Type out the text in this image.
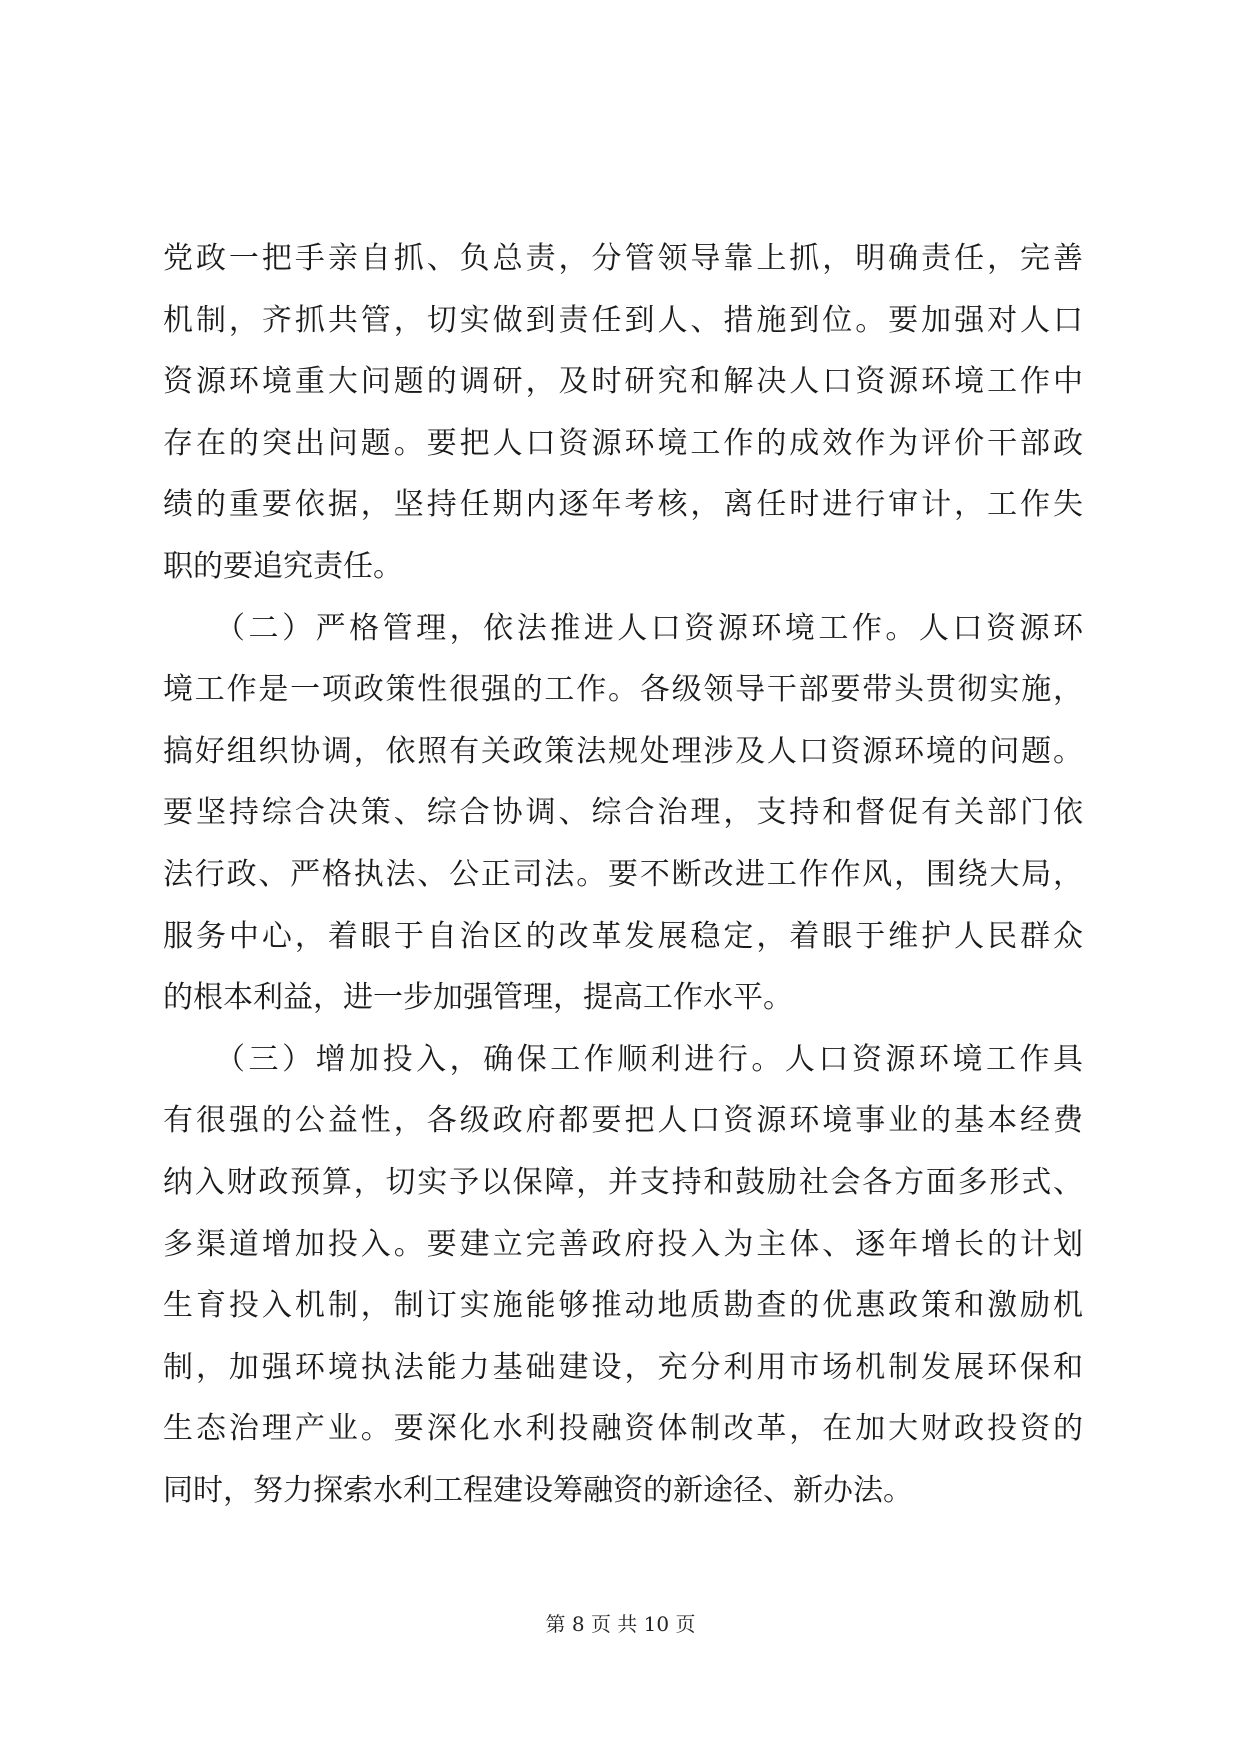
党政一把手亲自抓、负总责，分管领导靠上抓，明确责任，完善
机制，齐抓共管，切实做到责任到人、措施到位。要加强对人口
资源环境重大问题的调研，及时研究和解决人口资源环境工作中
存在的突出问题。要把人口资源环境工作的成效作为评价干部政
绩的重要依据，坚持任期内逐年考核，离任时进行审计，工作失
职的要追究责任。
　　（二）严格管理，依法推进人口资源环境工作。人口资源环
境工作是一项政策性很强的工作。各级领导干部要带头贯彻实施，
搞好组织协调，依照有关政策法规处理涉及人口资源环境的问题。
要坚持综合决策、综合协调、综合治理，支持和督促有关部门依
法行政、严格执法、公正司法。要不断改进工作作风，围绕大局，
服务中心，着眼于自治区的改革发展稳定，着眼于维护人民群众
的根本利益，进一步加强管理，提高工作水平。
　　（三）增加投入，确保工作顺利进行。人口资源环境工作具
有很强的公益性，各级政府都要把人口资源环境事业的基本经费
纳入财政预算，切实予以保障，并支持和鼓励社会各方面多形式、
多渠道增加投入。要建立完善政府投入为主体、逐年增长的计划
生育投入机制，制订实施能够推动地质勘查的优惠政策和激励机
制，加强环境执法能力基础建设，充分利用市场机制发展环保和
生态治理产业。要深化水利投融资体制改革，在加大财政投资的
同时，努力探索水利工程建设筹融资的新途径、新办法。
第 8 页 共 10 页
